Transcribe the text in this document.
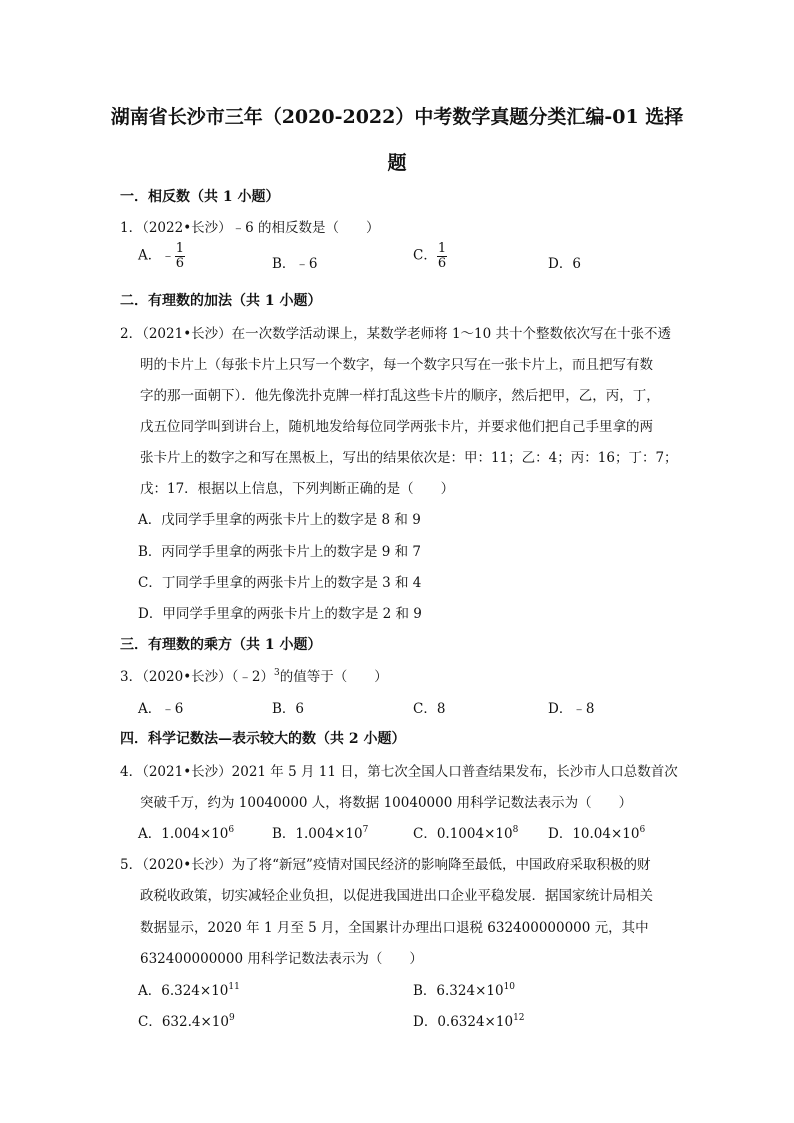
湖南省长沙市三年（2020-2022）中考数学真题分类汇编-01 选择
题
一．相反数（共 1 小题）
1．（2022•长沙）﹣6 的相反数是（　　）
A．﹣ $\frac{1}{6}$	B．﹣6
C． $\frac{1}{6}$	D．6
二．有理数的加法（共 1 小题）
2．（2021•长沙）在一次数学活动课上，某数学老师将 1～10 共十个整数依次写在十张不透
明的卡片上（每张卡片上只写一个数字，每一个数字只写在一张卡片上，而且把写有数
字的那一面朝下）．他先像洗扑克牌一样打乱这些卡片的顺序，然后把甲，乙，丙，丁，
戊五位同学叫到讲台上，随机地发给每位同学两张卡片，并要求他们把自己手里拿的两
张卡片上的数字之和写在黑板上，写出的结果依次是：甲：11；乙：4；丙：16；丁：7；
戊：17．根据以上信息，下列判断正确的是（　　）
A．戊同学手里拿的两张卡片上的数字是 8 和 9
B．丙同学手里拿的两张卡片上的数字是 9 和 7
C．丁同学手里拿的两张卡片上的数字是 3 和 4
D．甲同学手里拿的两张卡片上的数字是 2 和 9
三．有理数的乘方（共 1 小题）
3．（2020•长沙）（﹣2）$^3$的值等于（　　）
A．﹣6	B．6	C．8	D．﹣8
四．科学记数法—表示较大的数（共 2 小题）
4．（2021•长沙）2021 年 5 月 11 日，第七次全国人口普查结果发布，长沙市人口总数首次
突破千万，约为 10040000 人，将数据 10040000 用科学记数法表示为（　　）
A．$1.004\times 10^6$	B．$1.004\times 10^7$	C．$0.1004\times 10^8$ D．$10.04\times 10^6$
5．（2020•长沙）为了将“新冠”疫情对国民经济的影响降至最低，中国政府采取积极的财
政税收政策，切实减轻企业负担，以促进我国进出口企业平稳发展．据国家统计局相关
数据显示，2020 年 1 月至 5 月，全国累计办理出口退税 632400000000 元，其中
632400000000 用科学记数法表示为（　　）
A．$6.324\times 10^{11}$	B．$6.324\times 10^{10}$
C．$632.4\times 10^9$	D．$0.6324\times 10^{12}$
